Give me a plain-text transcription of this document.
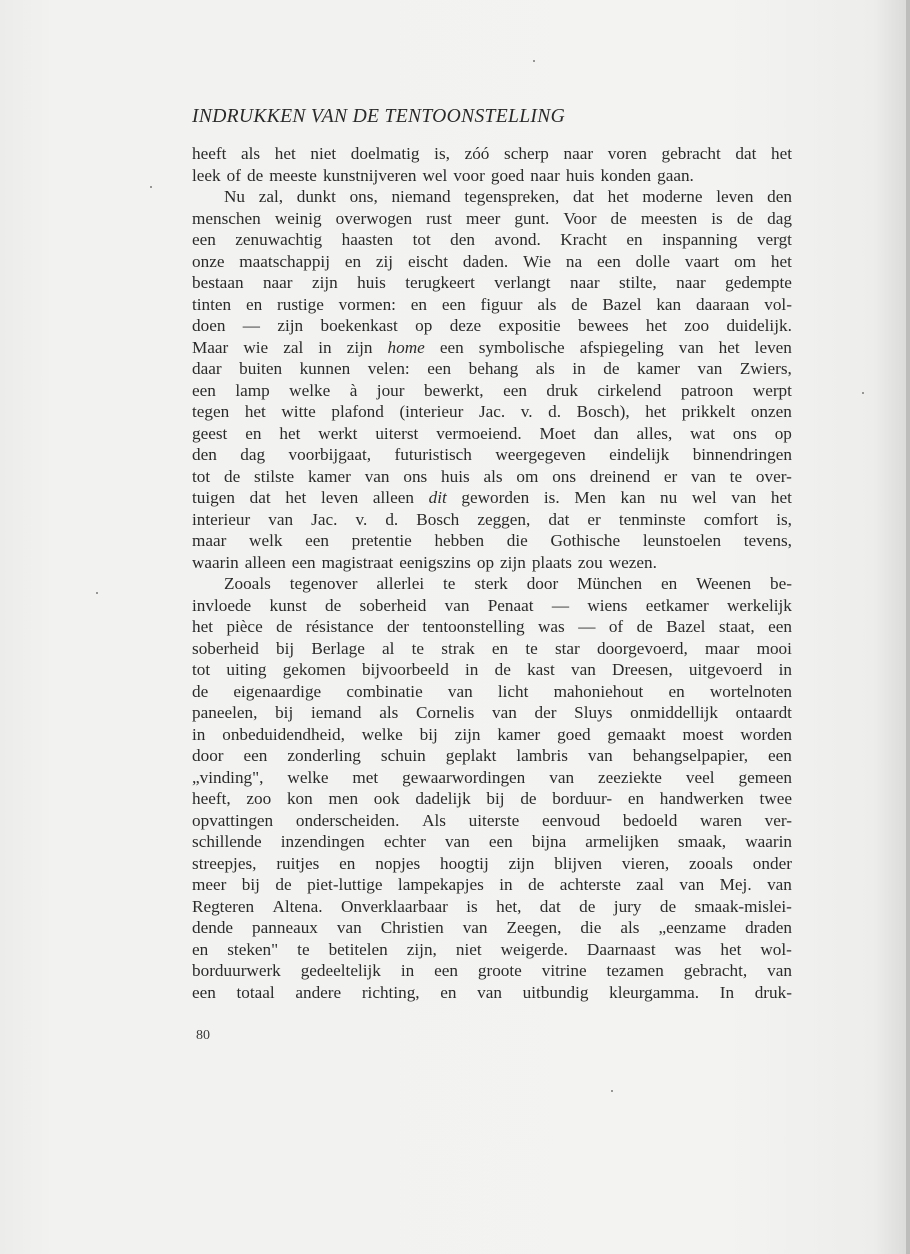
INDRUKKEN VAN DE TENTOONSTELLING
heeft als het niet doelmatig is, zóó scherp naar voren gebracht dat het
leek of de meeste kunstnijveren wel voor goed naar huis konden gaan.
Nu zal, dunkt ons, niemand tegenspreken, dat het moderne leven den
menschen weinig overwogen rust meer gunt. Voor de meesten is de dag
een zenuwachtig haasten tot den avond. Kracht en inspanning vergt
onze maatschappij en zij eischt daden. Wie na een dolle vaart om het
bestaan naar zijn huis terugkeert verlangt naar stilte, naar gedempte
tinten en rustige vormen: en een figuur als de Bazel kan daaraan vol-
doen — zijn boekenkast op deze expositie bewees het zoo duidelijk.
Maar wie zal in zijn home een symbolische afspiegeling van het leven
daar buiten kunnen velen: een behang als in de kamer van Zwiers,
een lamp welke à jour bewerkt, een druk cirkelend patroon werpt
tegen het witte plafond (interieur Jac. v. d. Bosch), het prikkelt onzen
geest en het werkt uiterst vermoeiend. Moet dan alles, wat ons op
den dag voorbijgaat, futuristisch weergegeven eindelijk binnendringen
tot de stilste kamer van ons huis als om ons dreinend er van te over-
tuigen dat het leven alleen dit geworden is. Men kan nu wel van het
interieur van Jac. v. d. Bosch zeggen, dat er tenminste comfort is,
maar welk een pretentie hebben die Gothische leunstoelen tevens,
waarin alleen een magistraat eenigszins op zijn plaats zou wezen.
Zooals tegenover allerlei te sterk door München en Weenen be-
invloede kunst de soberheid van Penaat — wiens eetkamer werkelijk
het pièce de résistance der tentoonstelling was — of de Bazel staat, een
soberheid bij Berlage al te strak en te star doorgevoerd, maar mooi
tot uiting gekomen bijvoorbeeld in de kast van Dreesen, uitgevoerd in
de eigenaardige combinatie van licht mahoniehout en wortelnoten
paneelen, bij iemand als Cornelis van der Sluys onmiddellijk ontaardt
in onbeduidendheid, welke bij zijn kamer goed gemaakt moest worden
door een zonderling schuin geplakt lambris van behangselpapier, een
„vinding", welke met gewaarwordingen van zeeziekte veel gemeen
heeft, zoo kon men ook dadelijk bij de borduur- en handwerken twee
opvattingen onderscheiden. Als uiterste eenvoud bedoeld waren ver-
schillende inzendingen echter van een bijna armelijken smaak, waarin
streepjes, ruitjes en nopjes hoogtij zijn blijven vieren, zooals onder
meer bij de piet-luttige lampekapjes in de achterste zaal van Mej. van
Regteren Altena. Onverklaarbaar is het, dat de jury de smaak-mislei-
dende panneaux van Christien van Zeegen, die als „eenzame draden
en steken" te betitelen zijn, niet weigerde. Daarnaast was het wol-
borduurwerk gedeeltelijk in een groote vitrine tezamen gebracht, van
een totaal andere richting, en van uitbundig kleurgamma. In druk-

80
